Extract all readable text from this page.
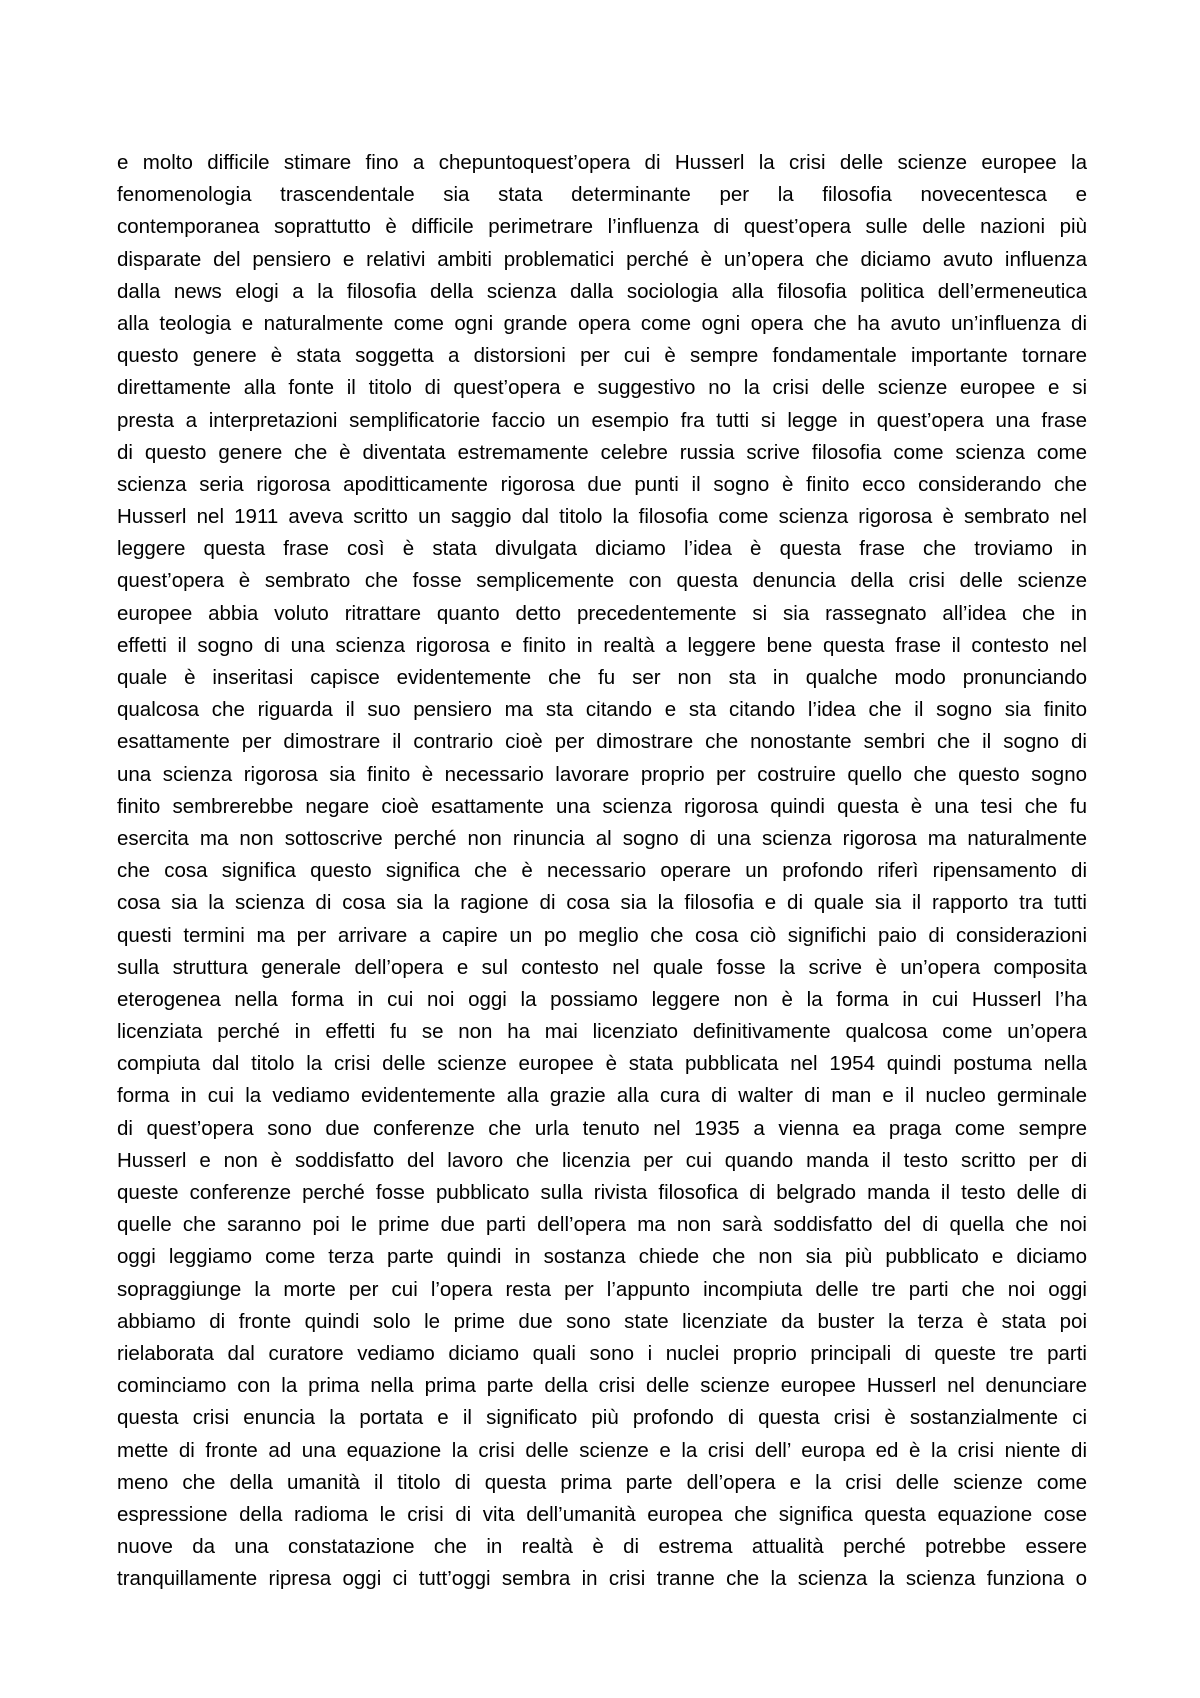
e molto difficile stimare fino a chepuntoquest’opera di Husserl la crisi delle scienze europee la
fenomenologia trascendentale sia stata determinante per la filosofia novecentesca e
contemporanea soprattutto è difficile perimetrare l’influenza di quest’opera sulle delle nazioni più
disparate del pensiero e relativi ambiti problematici perché è un’opera che diciamo avuto influenza
dalla news elogi a la filosofia della scienza dalla sociologia alla filosofia politica dell’ermeneutica
alla teologia e naturalmente come ogni grande opera come ogni opera che ha avuto un’influenza di
questo genere è stata soggetta a distorsioni per cui è sempre fondamentale importante tornare
direttamente alla fonte il titolo di quest’opera e suggestivo no la crisi delle scienze europee e si
presta a interpretazioni semplificatorie faccio un esempio fra tutti si legge in quest’opera una frase
di questo genere che è diventata estremamente celebre russia scrive filosofia come scienza come
scienza seria rigorosa apoditticamente rigorosa due punti il sogno è finito ecco considerando che
Husserl nel 1911 aveva scritto un saggio dal titolo la filosofia come scienza rigorosa è sembrato nel
leggere questa frase così è stata divulgata diciamo l’idea è questa frase che troviamo in
quest’opera è sembrato che fosse semplicemente con questa denuncia della crisi delle scienze
europee abbia voluto ritrattare quanto detto precedentemente si sia rassegnato all’idea che in
effetti il sogno di una scienza rigorosa e finito in realtà a leggere bene questa frase il contesto nel
quale è inseritasi capisce evidentemente che fu ser non sta in qualche modo pronunciando
qualcosa che riguarda il suo pensiero ma sta citando e sta citando l’idea che il sogno sia finito
esattamente per dimostrare il contrario cioè per dimostrare che nonostante sembri che il sogno di
una scienza rigorosa sia finito è necessario lavorare proprio per costruire quello che questo sogno
finito sembrerebbe negare cioè esattamente una scienza rigorosa quindi questa è una tesi che fu
esercita ma non sottoscrive perché non rinuncia al sogno di una scienza rigorosa ma naturalmente
che cosa significa questo significa che è necessario operare un profondo riferì ripensamento di
cosa sia la scienza di cosa sia la ragione di cosa sia la filosofia e di quale sia il rapporto tra tutti
questi termini ma per arrivare a capire un po meglio che cosa ciò significhi paio di considerazioni
sulla struttura generale dell’opera e sul contesto nel quale fosse la scrive è un’opera composita
eterogenea nella forma in cui noi oggi la possiamo leggere non è la forma in cui Husserl l’ha
licenziata perché in effetti fu se non ha mai licenziato definitivamente qualcosa come un’opera
compiuta dal titolo la crisi delle scienze europee è stata pubblicata nel 1954 quindi postuma nella
forma in cui la vediamo evidentemente alla grazie alla cura di walter di man e il nucleo germinale
di quest’opera sono due conferenze che urla tenuto nel 1935 a vienna ea praga come sempre
Husserl e non è soddisfatto del lavoro che licenzia per cui quando manda il testo scritto per di
queste conferenze perché fosse pubblicato sulla rivista filosofica di belgrado manda il testo delle di
quelle che saranno poi le prime due parti dell’opera ma non sarà soddisfatto del di quella che noi
oggi leggiamo come terza parte quindi in sostanza chiede che non sia più pubblicato e diciamo
sopraggiunge la morte per cui l’opera resta per l’appunto incompiuta delle tre parti che noi oggi
abbiamo di fronte quindi solo le prime due sono state licenziate da buster la terza è stata poi
rielaborata dal curatore vediamo diciamo quali sono i nuclei proprio principali di queste tre parti
cominciamo con la prima nella prima parte della crisi delle scienze europee Husserl nel denunciare
questa crisi enuncia la portata e il significato più profondo di questa crisi è sostanzialmente ci
mette di fronte ad una equazione la crisi delle scienze e la crisi dell’ europa ed è la crisi niente di
meno che della umanità il titolo di questa prima parte dell’opera e la crisi delle scienze come
espressione della radioma le crisi di vita dell’umanità europea che significa questa equazione cose
nuove da una constatazione che in realtà è di estrema attualità perché potrebbe essere
tranquillamente ripresa oggi ci tutt’oggi sembra in crisi tranne che la scienza la scienza funziona o
